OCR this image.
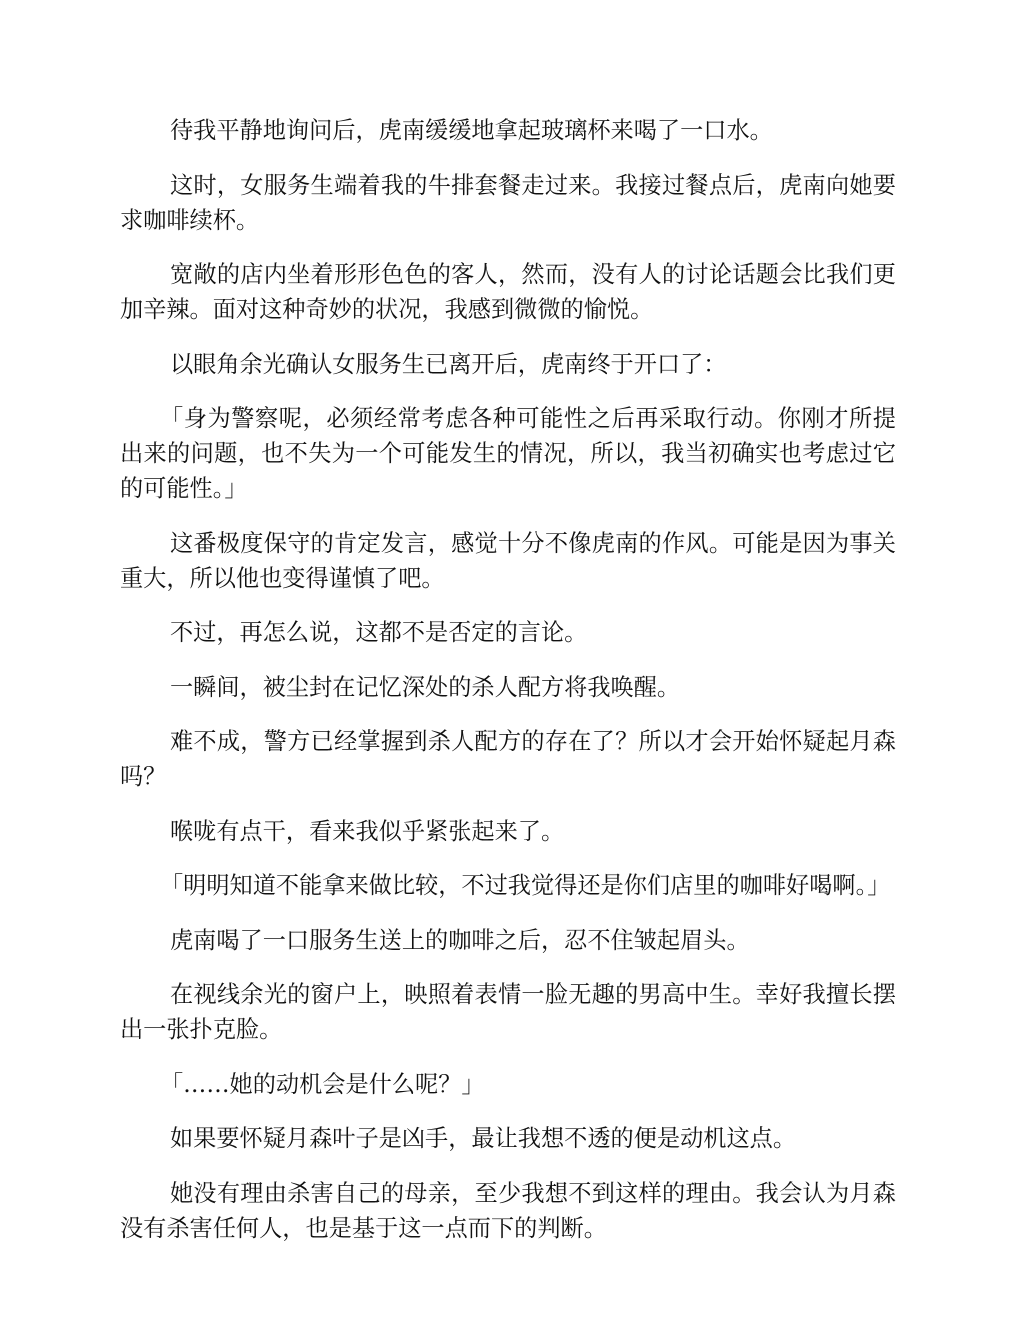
待我平静地询问后，虎南缓缓地拿起玻璃杯来喝了一口水。

这时，女服务生端着我的牛排套餐走过来。我接过餐点后，虎南向她要求咖啡续杯。

宽敞的店内坐着形形色色的客人，然而，没有人的讨论话题会比我们更加辛辣。面对这种奇妙的状况，我感到微微的愉悦。

以眼角余光确认女服务生已离开后，虎南终于开口了：

「身为警察呢，必须经常考虑各种可能性之后再采取行动。你刚才所提出来的问题，也不失为一个可能发生的情况，所以，我当初确实也考虑过它的可能性。」

这番极度保守的肯定发言，感觉十分不像虎南的作风。可能是因为事关重大，所以他也变得谨慎了吧。

不过，再怎么说，这都不是否定的言论。

一瞬间，被尘封在记忆深处的杀人配方将我唤醒。

难不成，警方已经掌握到杀人配方的存在了？所以才会开始怀疑起月森吗？

喉咙有点干，看来我似乎紧张起来了。

「明明知道不能拿来做比较，不过我觉得还是你们店里的咖啡好喝啊。」

虎南喝了一口服务生送上的咖啡之后，忍不住皱起眉头。

在视线余光的窗户上，映照着表情一脸无趣的男高中生。幸好我擅长摆出一张扑克脸。

「……她的动机会是什么呢？」

如果要怀疑月森叶子是凶手，最让我想不透的便是动机这点。

她没有理由杀害自己的母亲，至少我想不到这样的理由。我会认为月森没有杀害任何人，也是基于这一点而下的判断。
